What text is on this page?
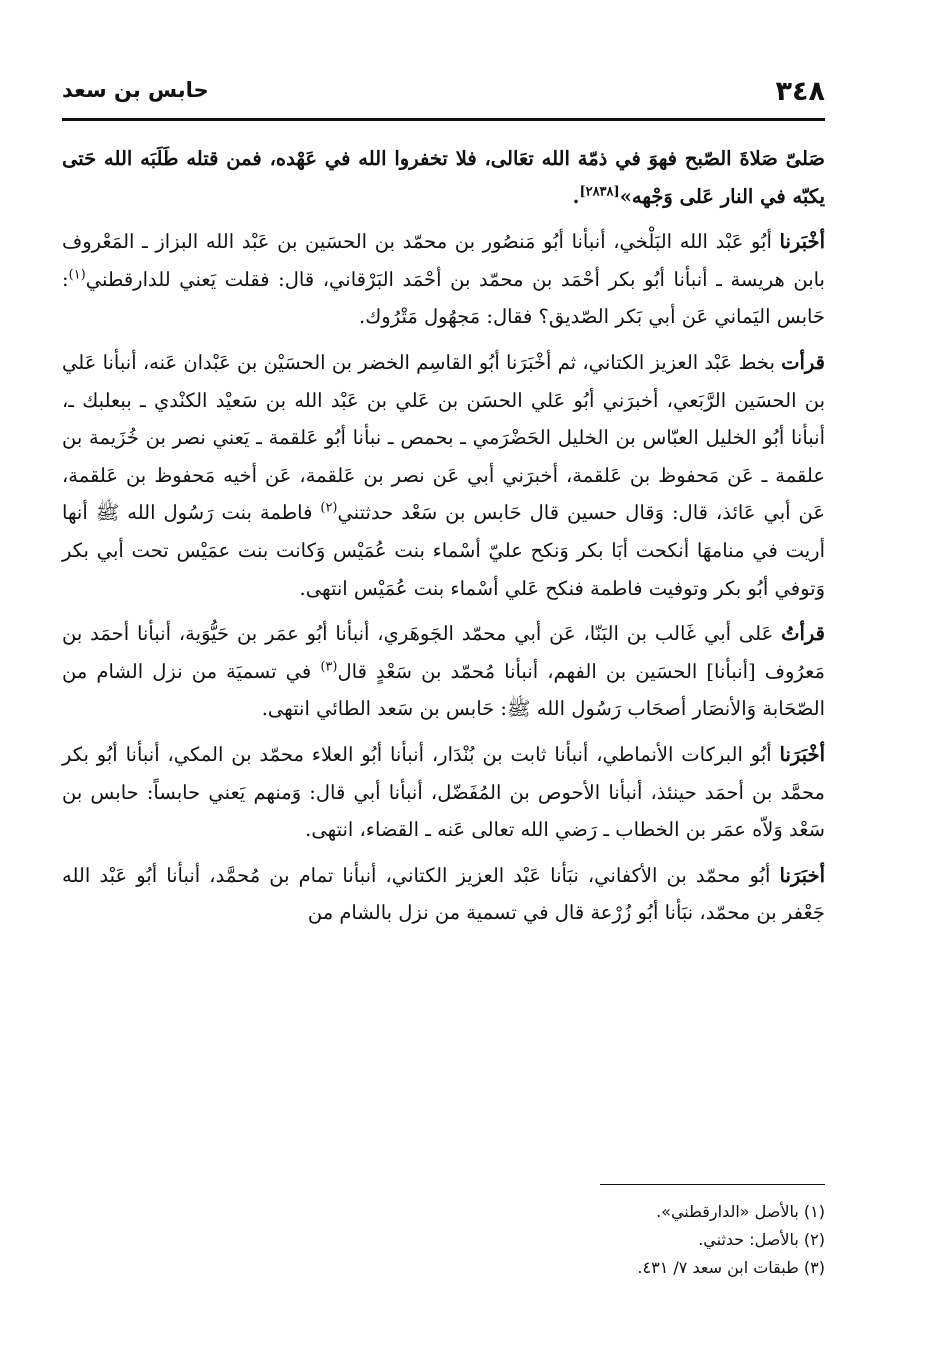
٣٤٨
حابس بن سعد

صَلىّ صَلاةَ الصّبح فهوَ في ذمّة الله تعَالى، فلا تخفروا الله في عَهْده، فمن قتله طَلَبَه الله حَتى يكبّه في النار عَلى وَجْهه»[٢٨٣٨].

أخْبَرنا أبُو عَبْد الله البَلْخي، أنبأنا أبُو مَنصُور بن محمّد بن الحسَين بن عَبْد الله البزاز ـ المَعْروف بابن هريسة ـ أنبأنا أبُو بكر أحْمَد بن محمّد بن أحْمَد البَرْقاني، قال: فقلت يَعني للدارقطني$^{(١)}$: حَابس اليَماني عَن أبي بَكر الصّديق؟ فقال: مَجهُول مَتْرُوك.

قرأت بخط عَبْد العزيز الكتاني، ثم أخْبَرَنا أبُو القاسِم الخضر بن الحسَيْن بن عَبْدان عَنه، أنبأنا عَلي بن الحسَين الرَّبَعي، أخبرَني أبُو عَلي الحسَن بن عَلي بن عَبْد الله بن سَعيْد الكنْدي ـ ببعلبك ـ، أنبأنا أبُو الخليل العبّاس بن الخليل الحَضْرَمي ـ بحمص ـ نبأنا أبُو عَلقمة ـ يَعني نصر بن خُزَيمة بن علقمة ـ عَن مَحفوظ بن عَلقمة، أخبرَني أبي عَن نصر بن عَلقمة، عَن أخيه مَحفوظ بن عَلقمة، عَن أبي عَائذ، قال: وَقال حسين قال حَابس بن سَعْد حدثتني$^{(٢)}$ فاطمة بنت رَسُول الله ﷺ أنها أريت في منامهَا أنكحت أبَا بكر وَنكح عليّ أسْماء بنت عُمَيْس وَكانت بنت عمَيْس تحت أبي بكر وَتوفي أبُو بكر وتوفيت فاطمة فنكح عَلي أسْماء بنت عُمَيْس انتهى.

قرأتُ عَلى أبي غَالب بن البَنّا، عَن أبي محمّد الجَوهَري، أنبأنا أبُو عمَر بن حَيُّوَية، أنبأنا أحمَد بن مَعرُوف [أنبأنا] الحسَين بن الفهم، أنبأنا مُحمّد بن سَعْدٍ قال$^{(٣)}$ في تسميَة من نزل الشام من الصّحَابة وَالأنصَار أصحَاب رَسُول الله ﷺ: حَابس بن سَعد الطائي انتهى.

أخْبَرَنا أبُو البركات الأنماطي، أنبأنا ثابت بن بُنْدَار، أنبأنا أبُو العلاء محمّد بن المكي، أنبأنا أبُو بكر محمَّد بن أحمَد حينئذ، أنبأنا الأحوص بن المُفَضّل، أنبأنا أبي قال: وَمنهم يَعني حابساً: حابس بن سَعْد وَلاّه عمَر بن الخطاب ـ رَضي الله تعالى عَنه ـ القضاء، انتهى.

أخبَرَنا أبُو محمّد بن الأكفاني، نبَأنا عَبْد العزيز الكتاني، أنبأنا تمام بن مُحمَّد، أنبأنا أبُو عَبْد الله جَعْفر بن محمّد، نبَأنا أبُو زُرْعة قال في تسمية من نزل بالشام من

(١) بالأصل «الدارقطني».

(٢) بالأصل: حدثني.

(٣) طبقات ابن سعد ٧/ ٤٣١.
